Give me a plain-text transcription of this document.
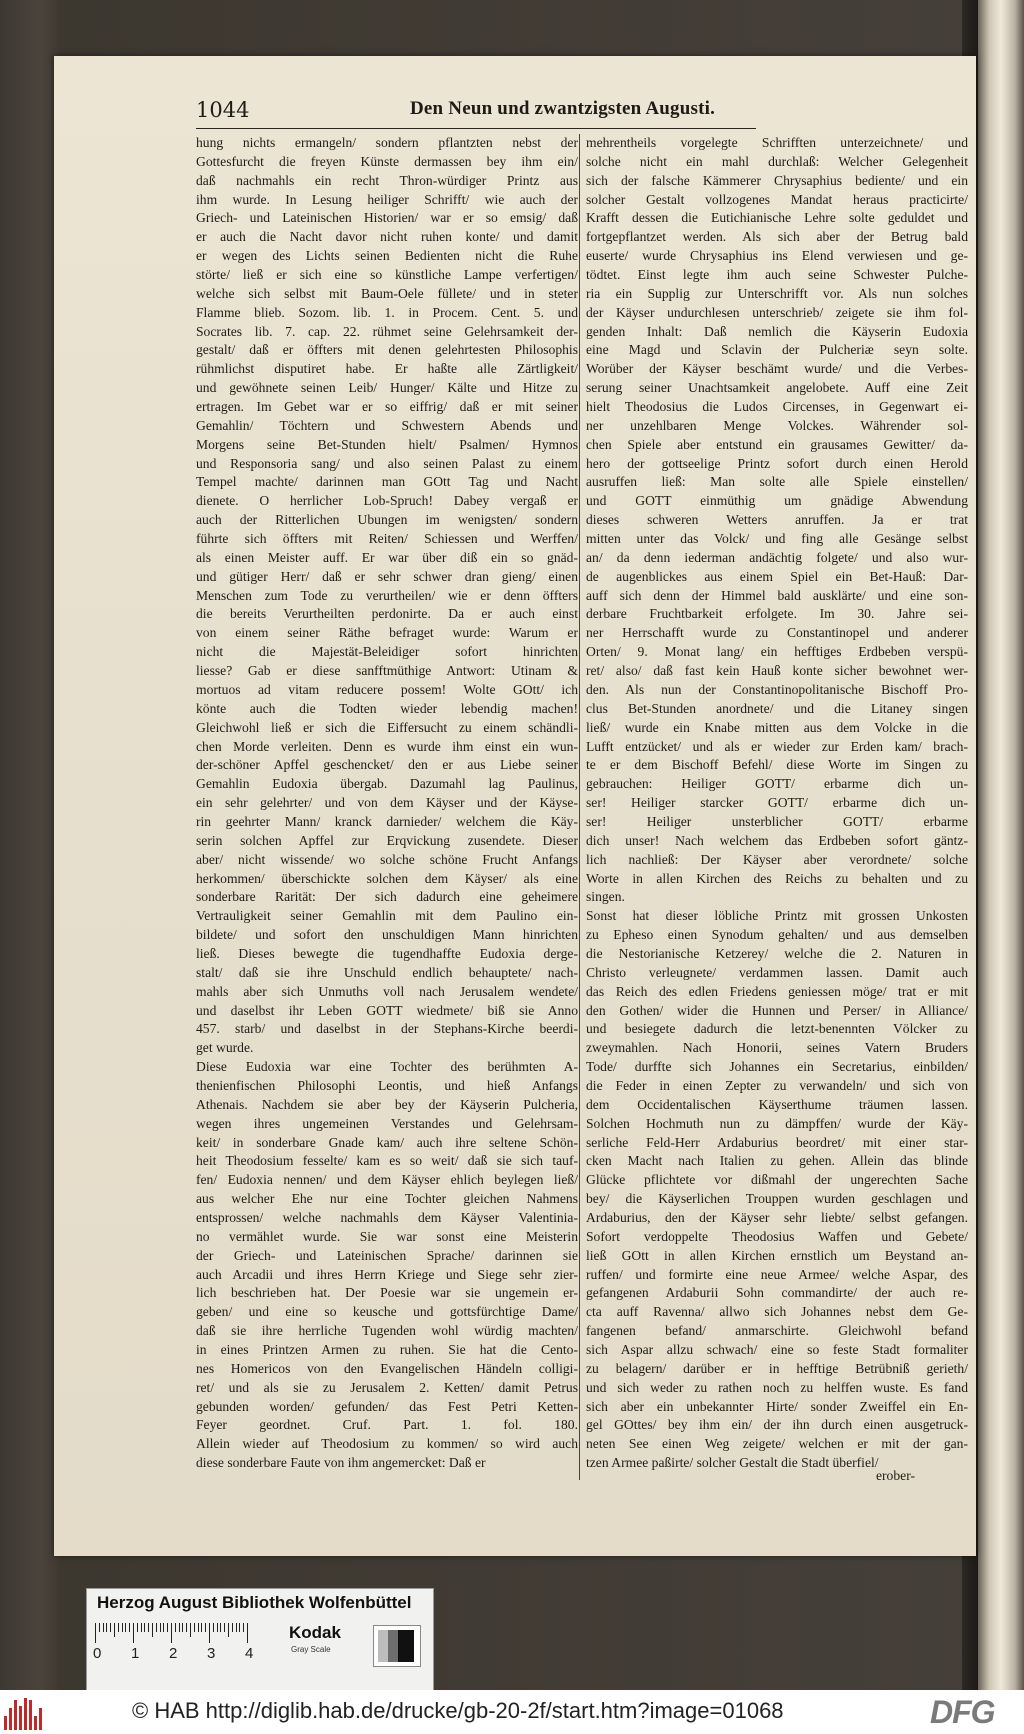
1044	Den Neun und zwantzigsten Augusti.
hung nichts ermangeln/ sondern pflantzten nebst der
Gottesfurcht die freyen Künste dermassen bey ihm ein/
daß nachmahls ein recht Thron-würdiger Printz aus
ihm wurde. In Lesung heiliger Schrifft/ wie auch der
Griech- und Lateinischen Historien/ war er so emsig/ daß
er auch die Nacht davor nicht ruhen konte/ und damit
er wegen des Lichts seinen Bedienten nicht die Ruhe
störte/ ließ er sich eine so künstliche Lampe verfertigen/
welche sich selbst mit Baum-Oele füllete/ und in steter
Flamme blieb. Sozom. lib. 1. in Procem. Cent. 5. und
Socrates lib. 7. cap. 22. rühmet seine Gelehrsamkeit der-
gestalt/ daß er öffters mit denen gelehrtesten Philosophis
rühmlichst disputiret habe. Er haßte alle Zärtligkeit/
und gewöhnete seinen Leib/ Hunger/ Kälte und Hitze zu
ertragen. Im Gebet war er so eiffrig/ daß er mit seiner
Gemahlin/ Töchtern und Schwestern Abends und
Morgens seine Bet-Stunden hielt/ Psalmen/ Hymnos
und Responsoria sang/ und also seinen Palast zu einem
Tempel machte/ darinnen man GOtt Tag und Nacht
dienete. O herrlicher Lob-Spruch! Dabey vergaß er
auch der Ritterlichen Ubungen im wenigsten/ sondern
führte sich öffters mit Reiten/ Schiessen und Werffen/
als einen Meister auff. Er war über diß ein so gnäd-
und gütiger Herr/ daß er sehr schwer dran gieng/ einen
Menschen zum Tode zu verurtheilen/ wie er denn öffters
die bereits Verurtheilten perdonirte. Da er auch einst
von einem seiner Räthe befraget wurde: Warum er
nicht die Majestät-Beleidiger sofort hinrichten
liesse? Gab er diese sanfftmüthige Antwort: Utinam &
mortuos ad vitam reducere possem! Wolte GOtt/ ich
könte auch die Todten wieder lebendig machen!
Gleichwohl ließ er sich die Eiffersucht zu einem schändli-
chen Morde verleiten. Denn es wurde ihm einst ein wun-
der-schöner Apffel geschencket/ den er aus Liebe seiner
Gemahlin Eudoxia übergab. Dazumahl lag Paulinus,
ein sehr gelehrter/ und von dem Käyser und der Käyse-
rin geehrter Mann/ kranck darnieder/ welchem die Käy-
serin solchen Apffel zur Erqvickung zusendete. Dieser
aber/ nicht wissende/ wo solche schöne Frucht Anfangs
herkommen/ überschickte solchen dem Käyser/ als eine
sonderbare Rarität: Der sich dadurch eine geheimere
Vertrauligkeit seiner Gemahlin mit dem Paulino ein-
bildete/ und sofort den unschuldigen Mann hinrichten
ließ. Dieses bewegte die tugendhaffte Eudoxia derge-
stalt/ daß sie ihre Unschuld endlich behauptete/ nach-
mahls aber sich Unmuths voll nach Jerusalem wendete/
und daselbst ihr Leben GOTT wiedmete/ biß sie Anno
457. starb/ und daselbst in der Stephans-Kirche beerdi-
get wurde.
Diese Eudoxia war eine Tochter des berühmten A-
thenienfischen Philosophi Leontis, und hieß Anfangs
Athenais. Nachdem sie aber bey der Käyserin Pulcheria,
wegen ihres ungemeinen Verstandes und Gelehrsam-
keit/ in sonderbare Gnade kam/ auch ihre seltene Schön-
heit Theodosium fesselte/ kam es so weit/ daß sie sich tauf-
fen/ Eudoxia nennen/ und dem Käyser ehlich beylegen ließ/
aus welcher Ehe nur eine Tochter gleichen Nahmens
entsprossen/ welche nachmahls dem Käyser Valentinia-
no vermählet wurde. Sie war sonst eine Meisterin
der Griech- und Lateinischen Sprache/ darinnen sie
auch Arcadii und ihres Herrn Kriege und Siege sehr zier-
lich beschrieben hat. Der Poesie war sie ungemein er-
geben/ und eine so keusche und gottsfürchtige Dame/
daß sie ihre herrliche Tugenden wohl würdig machten/
in eines Printzen Armen zu ruhen. Sie hat die Cento-
nes Homericos von den Evangelischen Händeln colligi-
ret/ und als sie zu Jerusalem 2. Ketten/ damit Petrus
gebunden worden/ gefunden/ das Fest Petri Ketten-
Feyer geordnet. Cruf. Part. 1. fol. 180.
Allein wieder auf Theodosium zu kommen/ so wird auch
diese sonderbare Faute von ihm angemercket: Daß er
mehrentheils vorgelegte Schrifften unterzeichnete/ und
solche nicht ein mahl durchlaß: Welcher Gelegenheit
sich der falsche Kämmerer Chrysaphius bediente/ und ein
solcher Gestalt vollzogenes Mandat heraus practicirte/
Krafft dessen die Eutichianische Lehre solte geduldet und
fortgepflantzet werden. Als sich aber der Betrug bald
euserte/ wurde Chrysaphius ins Elend verwiesen und ge-
tödtet. Einst legte ihm auch seine Schwester Pulche-
ria ein Supplig zur Unterschrifft vor. Als nun solches
der Käyser undurchlesen unterschrieb/ zeigete sie ihm fol-
genden Inhalt: Daß nemlich die Käyserin Eudoxia
eine Magd und Sclavin der Pulcheriæ seyn solte.
Worüber der Käyser beschämt wurde/ und die Verbes-
serung seiner Unachtsamkeit angelobete. Auff eine Zeit
hielt Theodosius die Ludos Circenses, in Gegenwart ei-
ner unzehlbaren Menge Volckes. Währender sol-
chen Spiele aber entstund ein grausames Gewitter/ da-
hero der gottseelige Printz sofort durch einen Herold
ausruffen ließ: Man solte alle Spiele einstellen/
und GOTT einmüthig um gnädige Abwendung
dieses schweren Wetters anruffen. Ja er trat
mitten unter das Volck/ und fing alle Gesänge selbst
an/ da denn iederman andächtig folgete/ und also wur-
de augenblickes aus einem Spiel ein Bet-Hauß: Dar-
auff sich denn der Himmel bald ausklärte/ und eine son-
derbare Fruchtbarkeit erfolgete. Im 30. Jahre sei-
ner Herrschafft wurde zu Constantinopel und anderer
Orten/ 9. Monat lang/ ein hefftiges Erdbeben verspü-
ret/ also/ daß fast kein Hauß konte sicher bewohnet wer-
den. Als nun der Constantinopolitanische Bischoff Pro-
clus Bet-Stunden anordnete/ und die Litaney singen
ließ/ wurde ein Knabe mitten aus dem Volcke in die
Lufft entzücket/ und als er wieder zur Erden kam/ brach-
te er dem Bischoff Befehl/ diese Worte im Singen zu
gebrauchen: Heiliger GOTT/ erbarme dich un-
ser! Heiliger starcker GOTT/ erbarme dich un-
ser! Heiliger unsterblicher GOTT/ erbarme
dich unser! Nach welchem das Erdbeben sofort gäntz-
lich nachließ: Der Käyser aber verordnete/ solche
Worte in allen Kirchen des Reichs zu behalten und zu
singen.
Sonst hat dieser löbliche Printz mit grossen Unkosten
zu Epheso einen Synodum gehalten/ und aus demselben
die Nestorianische Ketzerey/ welche die 2. Naturen in
Christo verleugnete/ verdammen lassen. Damit auch
das Reich des edlen Friedens geniessen möge/ trat er mit
den Gothen/ wider die Hunnen und Perser/ in Alliance/
und besiegete dadurch die letzt-benennten Völcker zu
zweymahlen. Nach Honorii, seines Vatern Bruders
Tode/ durffte sich Johannes ein Secretarius, einbilden/
die Feder in einen Zepter zu verwandeln/ und sich von
dem Occidentalischen Käyserthume träumen lassen.
Solchen Hochmuth nun zu dämpffen/ wurde der Käy-
serliche Feld-Herr Ardaburius beordret/ mit einer star-
cken Macht nach Italien zu gehen. Allein das blinde
Glücke pflichtete vor dißmahl der ungerechten Sache
bey/ die Käyserlichen Trouppen wurden geschlagen und
Ardaburius, den der Käyser sehr liebte/ selbst gefangen.
Sofort verdoppelte Theodosius Waffen und Gebete/
ließ GOtt in allen Kirchen ernstlich um Beystand an-
ruffen/ und formirte eine neue Armee/ welche Aspar, des
gefangenen Ardaburii Sohn commandirte/ der auch re-
cta auff Ravenna/ allwo sich Johannes nebst dem Ge-
fangenen befand/ anmarschirte. Gleichwohl befand
sich Aspar allzu schwach/ eine so feste Stadt formaliter
zu belagern/ darüber er in hefftige Betrübniß gerieth/
und sich weder zu rathen noch zu helffen wuste. Es fand
sich aber ein unbekannter Hirte/ sonder Zweiffel ein En-
gel GOttes/ bey ihm ein/ der ihn durch einen ausgetruck-
neten See einen Weg zeigete/ welchen er mit der gan-
tzen Armee paßirte/ solcher Gestalt die Stadt überfiel/
erober-
Herzog August Bibliothek Wolfenbüttel
0 1 2 3 4
Kodak
Gray Scale
© HAB http://diglib.hab.de/drucke/gb-20-2f/start.htm?image=01068	DFG
